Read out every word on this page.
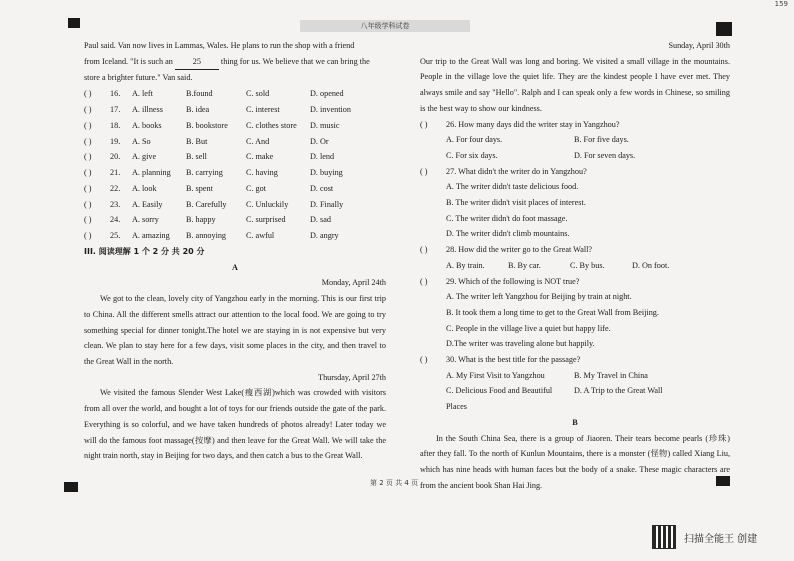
159
八年级学科试卷

Paul said. Van now lives in Lammas, Wales. He plans to run the shop with a friend

from Iceland. "It is such an 25 thing for us. We believe that we can bring the

store a brighter future." Van said.

( )	16.	A. left	B.found	C. sold	D. opened
( )	17.	A. illness	B. idea	C. interest	D. invention
( )	18.	A. books	B. bookstore	C. clothes store	D. music
( )	19.	A. So	B. But	C. And	D. Or
( )	20.	A. give	B. sell	C. make	D. lend
( )	21.	A. planning	B. carrying	C. having	D. buying
( )	22.	A. look	B. spent	C. got	D. cost
( )	23.	A. Easily	B. Carefully	C. Unluckily	D. Finally
( )	24.	A. sorry	B. happy	C. surprised	D. sad
( )	25.	A. amazing	B. annoying	C. awful	D. angry
III. 阅读理解 1 个 2 分 共 20 分
A
Monday, April 24th

We got to the clean, lovely city of Yangzhou early in the morning. This is our first trip to China. All the different smells attract our attention to the local food. We are going to try something special for dinner tonight.The hotel we are staying in is not expensive but very clean. We plan to stay here for a few days, visit some places in the city, and then travel to the Great Wall in the north.

Thursday, April 27th

We visited the famous Slender West Lake(瘦西湖)which was crowded with visitors from all over the world, and bought a lot of toys for our friends outside the gate of the park. Everything is so colorful, and we have taken hundreds of photos already! Later today we will do the famous foot massage(按摩) and then leave for the Great Wall. We will take the night train north, stay in Beijing for two days, and then catch a bus to the Great Wall.

Sunday, April 30th

Our trip to the Great Wall was long and boring. We visited a small village in the mountains. People in the village love the quiet life. They are the kindest people I have ever met. They always smile and say "Hello". Ralph and I can speak only a few words in Chinese, so smiling is the best way to show our kindness.

( )	26. How many days did the writer stay in Yangzhou?
A. For four days.	B. For five days.
C. For six days.	D. For seven days.
( )	27. What didn't the writer do in Yangzhou?
A. The writer didn't taste delicious food.
B. The writer didn't visit places of interest.
C. The writer didn't do foot massage.
D. The writer didn't climb mountains.
( )	28. How did the writer go to the Great Wall?
A. By train.	B. By car.	C. By bus.	D. On foot.
( )	29. Which of the following is NOT true?
A. The writer left Yangzhou for Beijing by train at night.
B. It took them a long time to get to the Great Wall from Beijing.
C. People in the village live a quiet but happy life.
D.The writer was traveling alone but happily.
( )	30. What is the best title for the passage?
A. My First Visit to Yangzhou	B. My Travel in China
C. Delicious Food and Beautiful Places
D. A Trip to the Great Wall
B

In the South China Sea, there is a group of Jiaoren. Their tears become pearls (珍珠) after they fall. To the north of Kunlun Mountains, there is a monster (怪物) called Xiang Liu, which has nine heads with human faces but the body of a snake. These magic characters are from the ancient book Shan Hai Jing.

第 2 页 共 4 页
扫描全能王 创建
